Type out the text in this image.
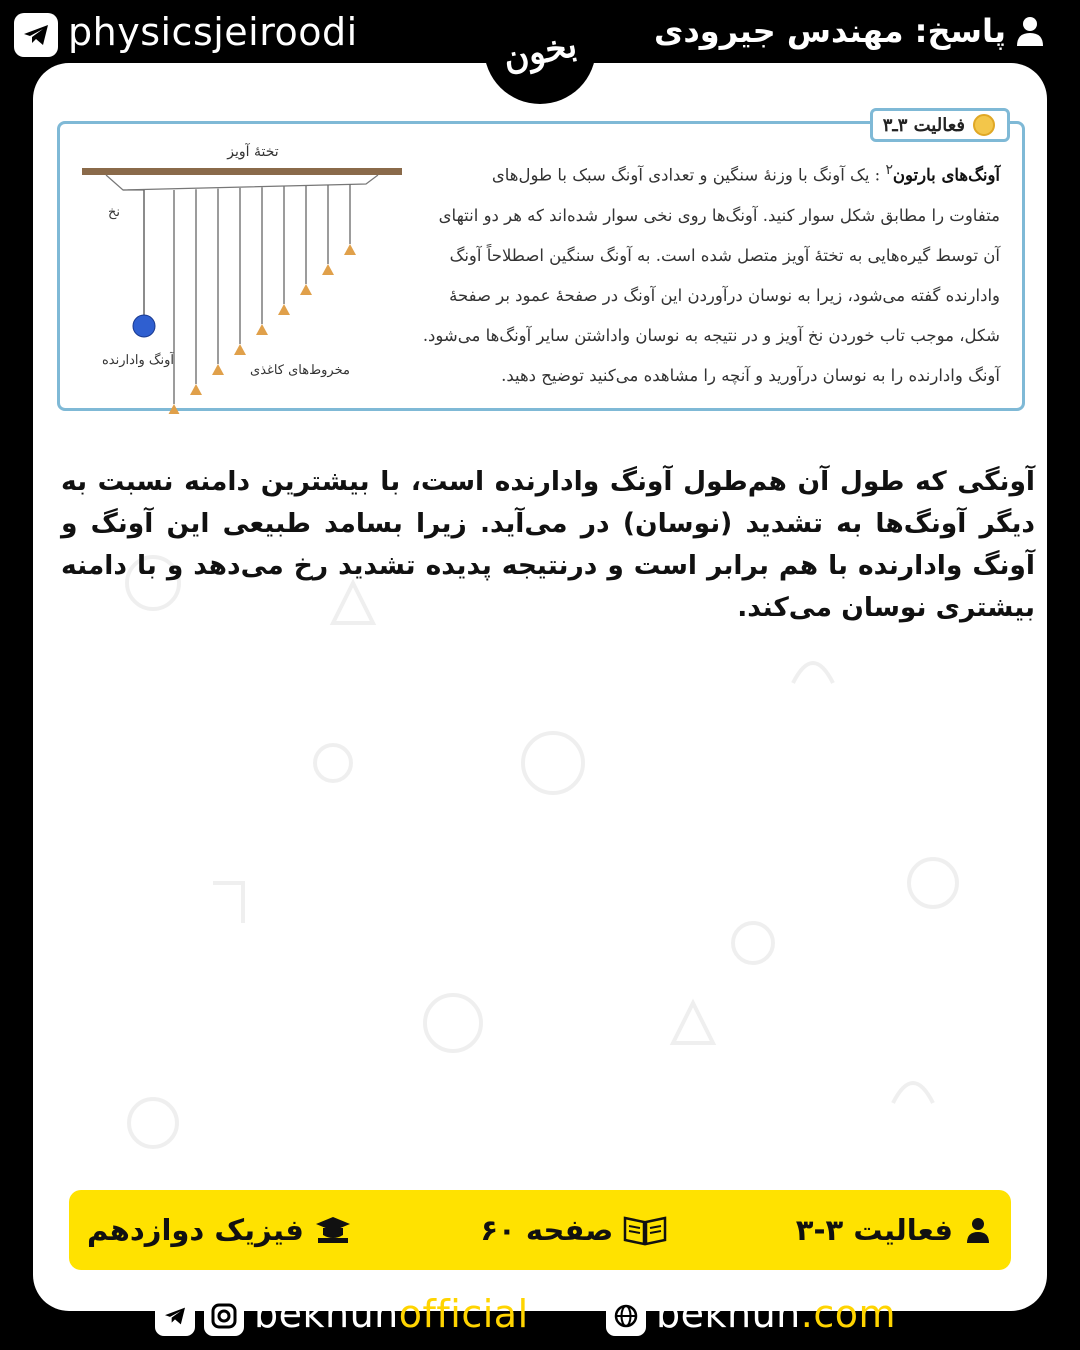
physicsjeiroodi	بخون پاسخ: مهندس جیرودی
فعالیت ۳ـ۳
آونگ‌های بارتون$^۲$ : یک آونگ با وزنهٔ سنگین و تعدادی آونگ سبک با طول‌های
متفاوت را مطابق شکل سوار کنید. آونگ‌ها روی نخی سوار شده‌اند که هر دو انتهای
آن توسط گیره‌هایی به تختهٔ آویز متصل شده است. به آونگ سنگین اصطلاحاً آونگ
وادارنده گفته می‌شود، زیرا به نوسان درآوردن این آونگ در صفحهٔ عمود بر صفحهٔ
شکل، موجب تاب خوردن نخ آویز و در نتیجه به نوسان واداشتن سایر آونگ‌ها می‌شود.
آونگ وادارنده را به نوسان درآورید و آنچه را مشاهده می‌کنید توضیح دهید.
تختهٔ آویز
نخ
آونگ وادارنده
مخروط‌های کاغذی
آونگی که طول آن هم‌طول آونگ وادارنده است، با بیشترین دامنه نسبت به دیگر آونگ‌ها به تشدید (نوسان) در می‌آید. زیرا بسامد طبیعی این آونگ و آونگ وادارنده با هم برابر است و درنتیجه پدیده تشدید رخ می‌دهد و با دامنه بیشتری نوسان می‌کند.
فعالیت ۳-۳
صفحه ۶۰
فیزیک دوازدهم
bekhunofficial	bekhun.com
